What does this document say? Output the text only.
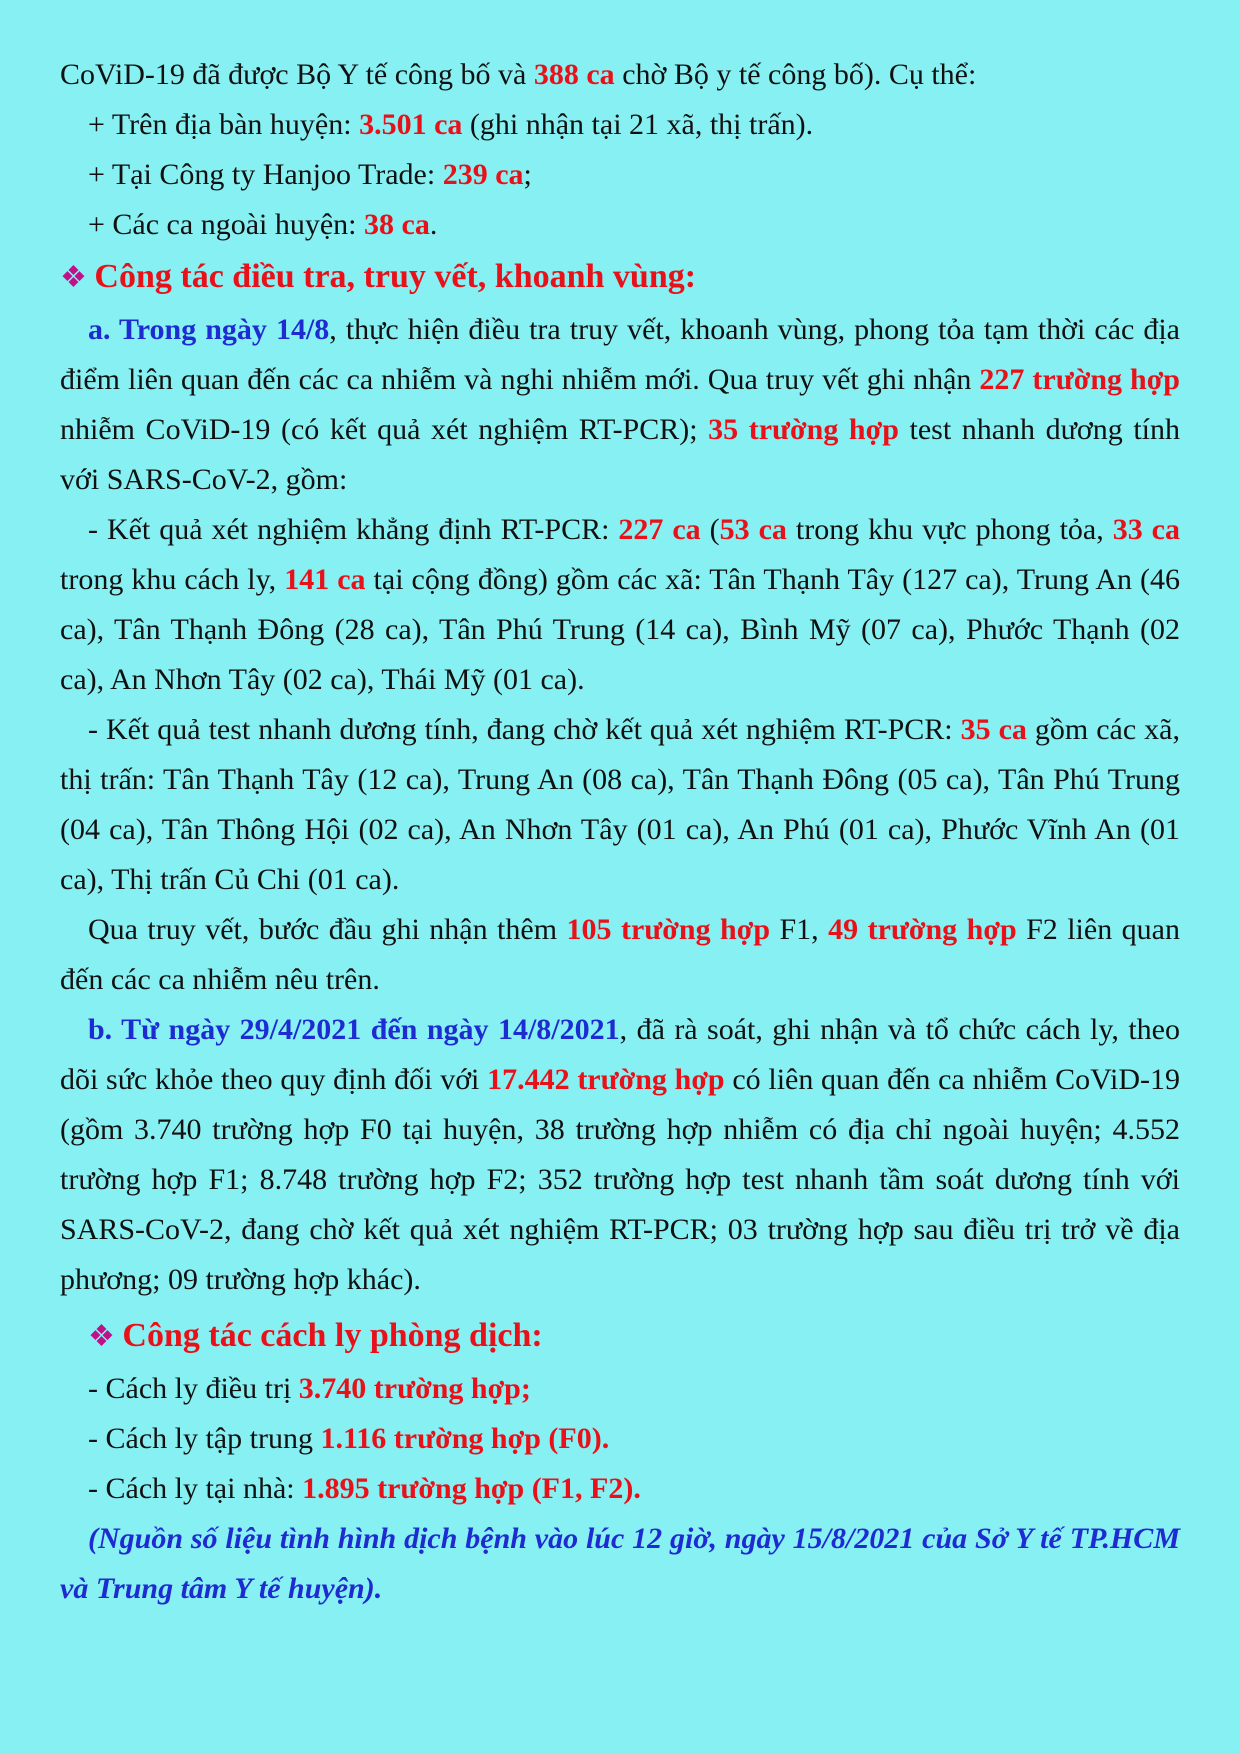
CoViD-19 đã được Bộ Y tế công bố và 388 ca chờ Bộ y tế công bố). Cụ thể:

+ Trên địa bàn huyện: 3.501 ca (ghi nhận tại 21 xã, thị trấn).

+ Tại Công ty Hanjoo Trade: 239 ca;

+ Các ca ngoài huyện: 38 ca.

❖ Công tác điều tra, truy vết, khoanh vùng:

a. Trong ngày 14/8, thực hiện điều tra truy vết, khoanh vùng, phong tỏa tạm thời các địa điểm liên quan đến các ca nhiễm và nghi nhiễm mới. Qua truy vết ghi nhận 227 trường hợp nhiễm CoViD-19 (có kết quả xét nghiệm RT-PCR); 35 trường hợp test nhanh dương tính với SARS-CoV-2, gồm:

- Kết quả xét nghiệm khẳng định RT-PCR: 227 ca (53 ca trong khu vực phong tỏa, 33 ca trong khu cách ly, 141 ca tại cộng đồng) gồm các xã: Tân Thạnh Tây (127 ca), Trung An (46 ca), Tân Thạnh Đông (28 ca), Tân Phú Trung (14 ca), Bình Mỹ (07 ca), Phước Thạnh (02 ca), An Nhơn Tây (02 ca), Thái Mỹ (01 ca).

- Kết quả test nhanh dương tính, đang chờ kết quả xét nghiệm RT-PCR: 35 ca gồm các xã, thị trấn: Tân Thạnh Tây (12 ca), Trung An (08 ca), Tân Thạnh Đông (05 ca), Tân Phú Trung (04 ca), Tân Thông Hội (02 ca), An Nhơn Tây (01 ca), An Phú (01 ca), Phước Vĩnh An (01 ca), Thị trấn Củ Chi (01 ca).

Qua truy vết, bước đầu ghi nhận thêm 105 trường hợp F1, 49 trường hợp F2 liên quan đến các ca nhiễm nêu trên.

b. Từ ngày 29/4/2021 đến ngày 14/8/2021, đã rà soát, ghi nhận và tổ chức cách ly, theo dõi sức khỏe theo quy định đối với 17.442 trường hợp có liên quan đến ca nhiễm CoViD-19 (gồm 3.740 trường hợp F0 tại huyện, 38 trường hợp nhiễm có địa chỉ ngoài huyện; 4.552 trường hợp F1; 8.748 trường hợp F2; 352 trường hợp test nhanh tầm soát dương tính với SARS-CoV-2, đang chờ kết quả xét nghiệm RT-PCR; 03 trường hợp sau điều trị trở về địa phương; 09 trường hợp khác).

❖ Công tác cách ly phòng dịch:

- Cách ly điều trị 3.740 trường hợp;

- Cách ly tập trung 1.116 trường hợp (F0).

- Cách ly tại nhà: 1.895 trường hợp (F1, F2).

(Nguồn số liệu tình hình dịch bệnh vào lúc 12 giờ, ngày 15/8/2021 của Sở Y tế TP.HCM và Trung tâm Y tế huyện).
